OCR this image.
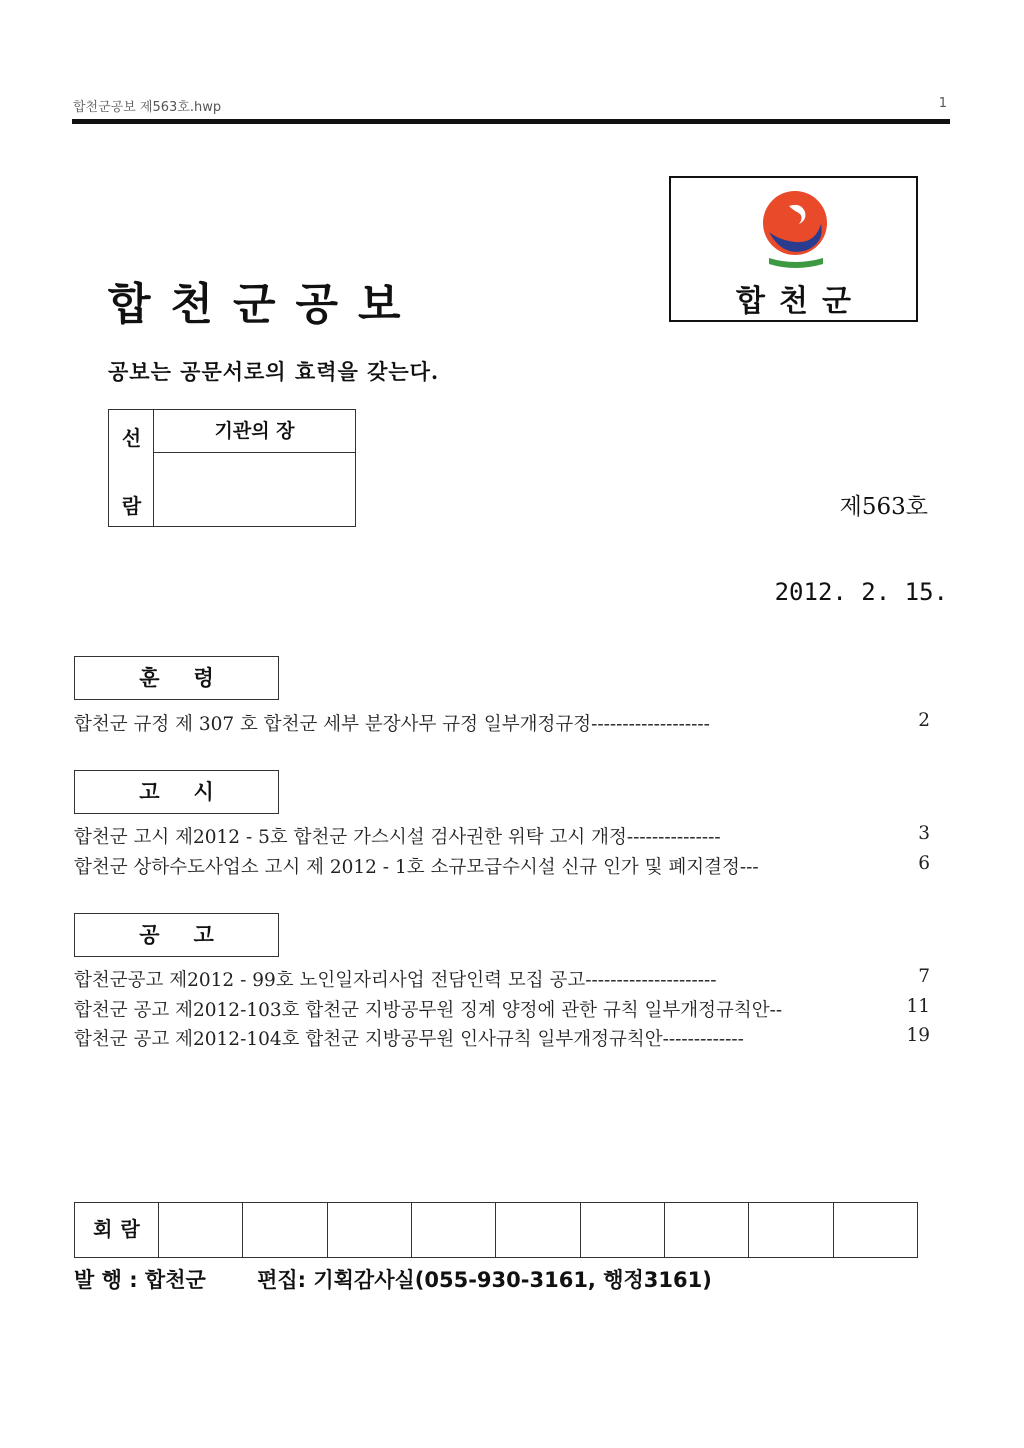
합천군공보 제563호.hwp	1
합천군공보
공보는 공문서로의 효력을 갖는다.
합천군
선
람
기관의 장
제563호
2012. 2. 15.
훈령
합천군 규정 제 307 호 합천군 세부 분장사무 규정 일부개정규정-------------------	2
고시
합천군 고시 제2012 - 5호 합천군 가스시설 검사권한 위탁 고시 개정---------------	3
합천군 상하수도사업소 고시 제 2012 - 1호 소규모급수시설 신규 인가 및 폐지결정---	6
공고
합천군공고 제2012 - 99호 노인일자리사업 전담인력 모집 공고---------------------	7
합천군 공고 제2012-103호 합천군 지방공무원 징계 양정에 관한 규칙 일부개정규칙안--	11
합천군 공고 제2012-104호 합천군 지방공무원 인사규칙 일부개정규칙안-------------	19
회람
발 행 : 합천군 편집: 기획감사실(055-930-3161, 행정3161)
